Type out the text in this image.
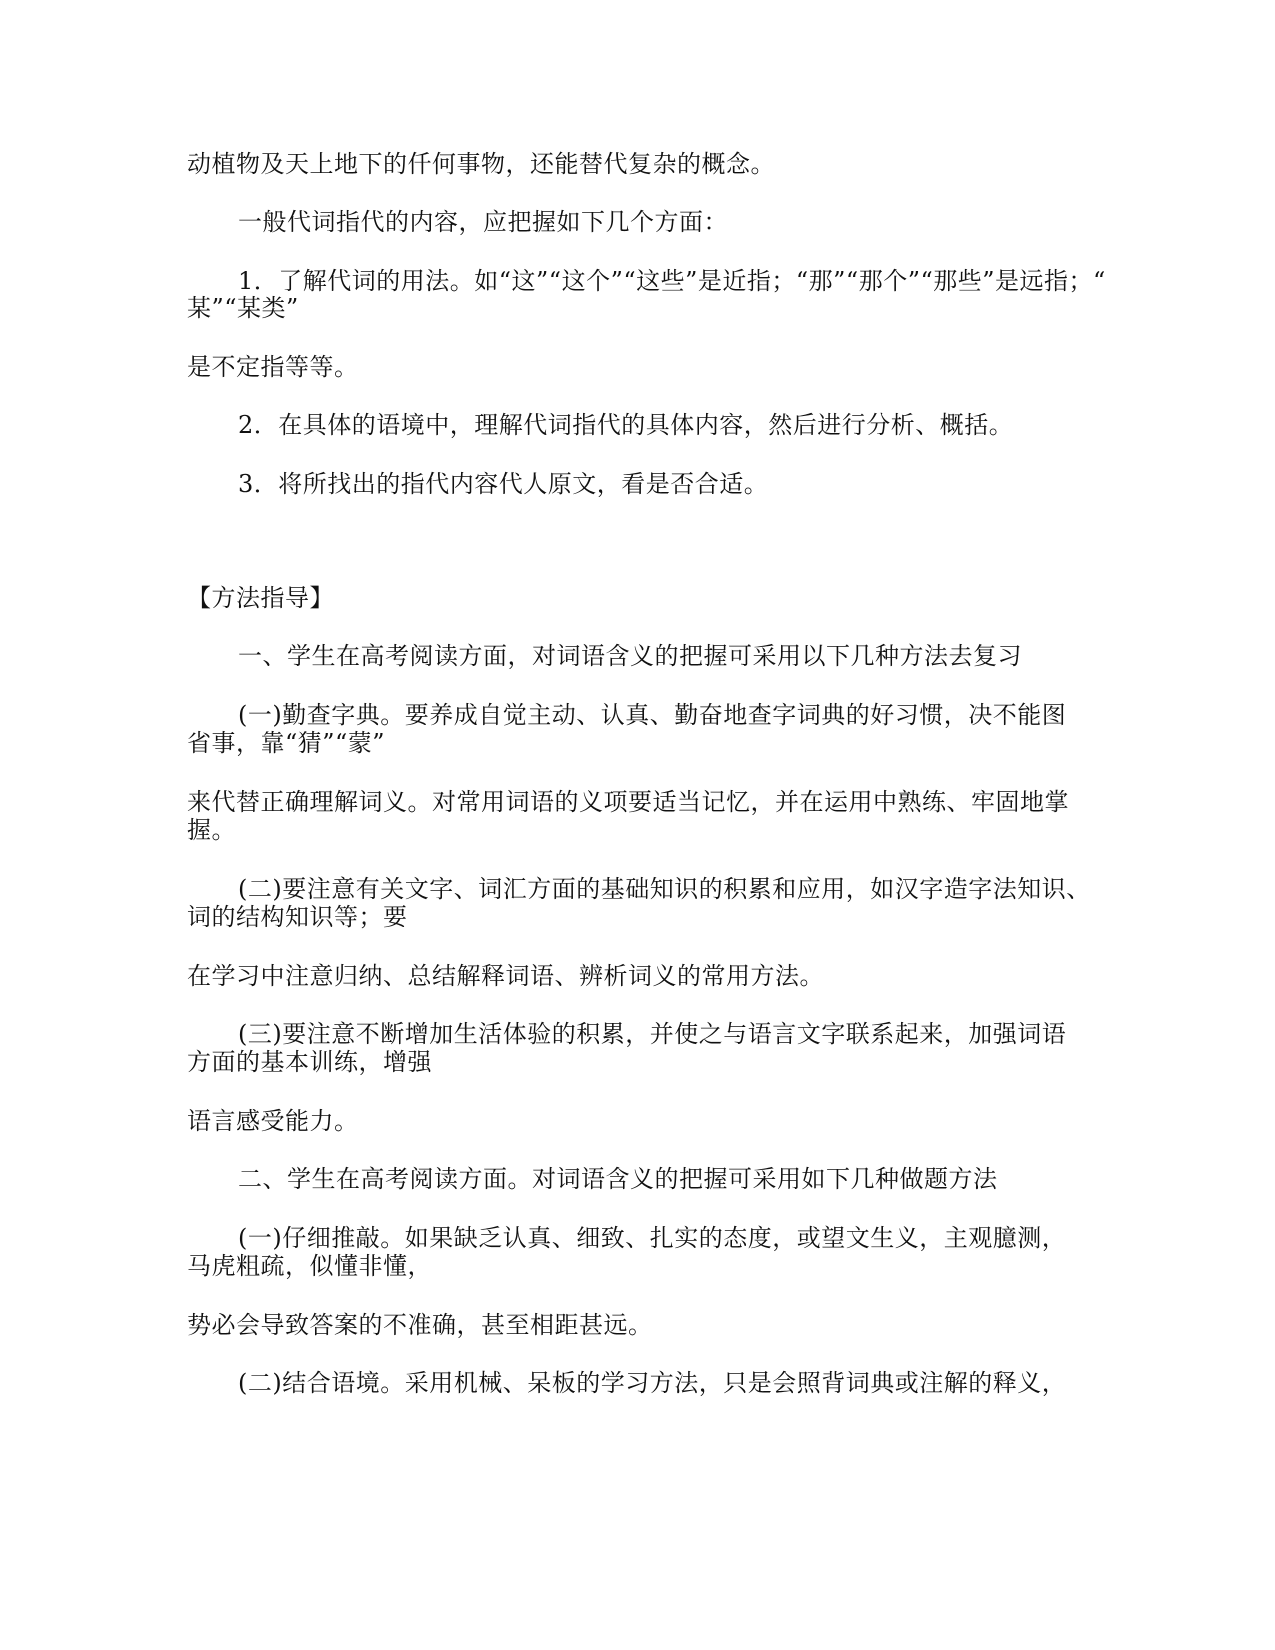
动植物及天上地下的仟何事物，还能替代复杂的概念。
一般代词指代的内容，应把握如下几个方面：
1．了解代词的用法。如“这”“这个”“这些”是近指；“那”“那个”“那些”是远指；“
某”“某类”
是不定指等等。
2．在具体的语境中，理解代词指代的具体内容，然后进行分析、概括。
3．将所找出的指代内容代人原文，看是否合适。
【方法指导】
一、学生在高考阅读方面，对词语含义的把握可采用以下几种方法去复习
(一)勤查字典。要养成自觉主动、认真、勤奋地查字词典的好习惯，决不能图
省事，靠“猜”“蒙”
来代替正确理解词义。对常用词语的义项要适当记忆，并在运用中熟练、牢固地掌
握。
(二)要注意有关文字、词汇方面的基础知识的积累和应用，如汉字造字法知识、
词的结构知识等；要
在学习中注意归纳、总结解释词语、辨析词义的常用方法。
(三)要注意不断增加生活体验的积累，并使之与语言文字联系起来，加强词语
方面的基本训练，增强
语言感受能力。
二、学生在高考阅读方面。对词语含义的把握可采用如下几种做题方法
(一)仔细推敲。如果缺乏认真、细致、扎实的态度，或望文生义，主观臆测，
马虎粗疏，似懂非懂，
势必会导致答案的不准确，甚至相距甚远。
(二)结合语境。采用机械、呆板的学习方法，只是会照背词典或注解的释义，
